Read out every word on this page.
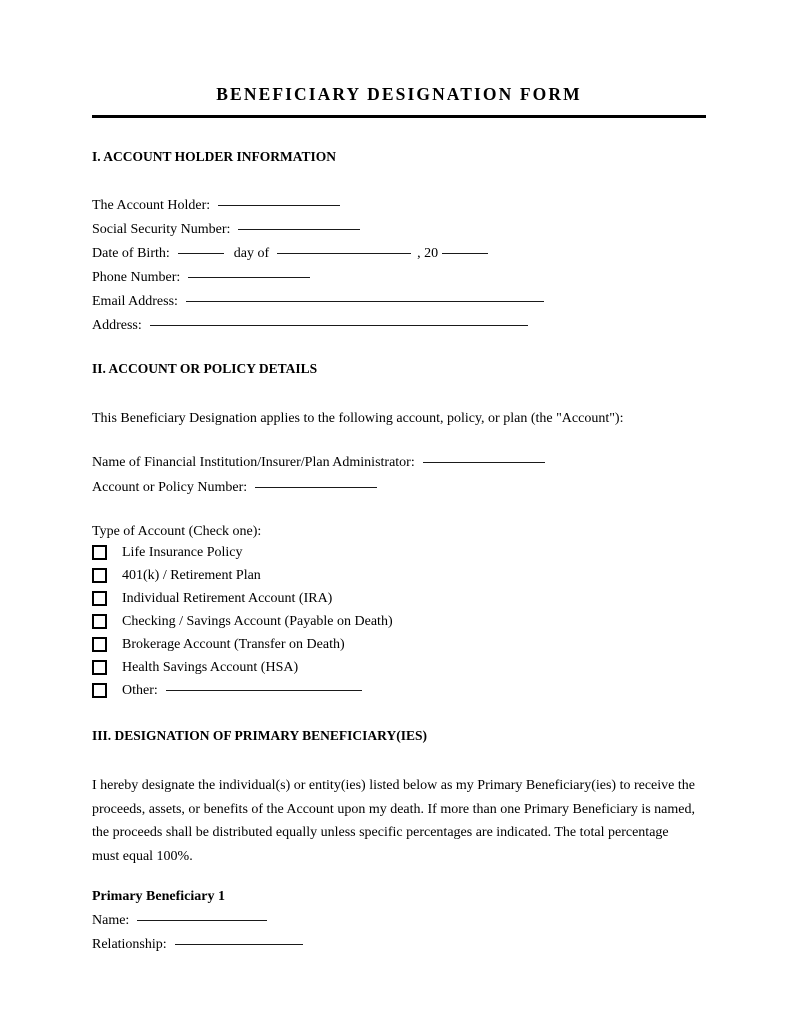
BENEFICIARY DESIGNATION FORM
I. ACCOUNT HOLDER INFORMATION
The Account Holder:
Social Security Number:
Date of Birth:	day of	, 20
Phone Number:
Email Address:
Address:
II. ACCOUNT OR POLICY DETAILS
This Beneficiary Designation applies to the following account, policy, or plan (the "Account"):
Name of Financial Institution/Insurer/Plan Administrator:
Account or Policy Number:
Type of Account (Check one):
Life Insurance Policy
401(k) / Retirement Plan
Individual Retirement Account (IRA)
Checking / Savings Account (Payable on Death)
Brokerage Account (Transfer on Death)
Health Savings Account (HSA)
Other:
III. DESIGNATION OF PRIMARY BENEFICIARY(IES)
I hereby designate the individual(s) or entity(ies) listed below as my Primary Beneficiary(ies) to receive the proceeds, assets, or benefits of the Account upon my death. If more than one Primary Beneficiary is named, the proceeds shall be distributed equally unless specific percentages are indicated. The total percentage must equal 100%.
Primary Beneficiary 1
Name:
Relationship:
